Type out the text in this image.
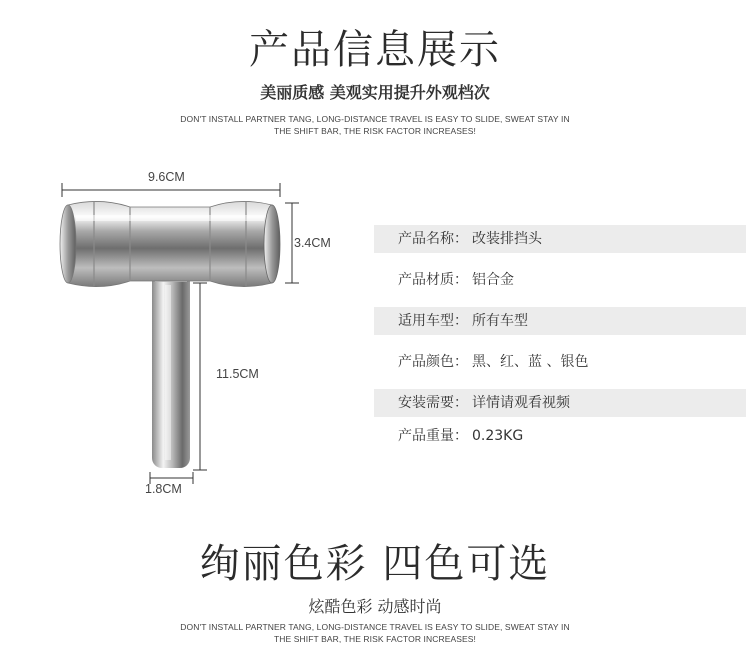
产品信息展示
美丽质感 美观实用提升外观档次
DON'T INSTALL PARTNER TANG, LONG-DISTANCE TRAVEL IS EASY TO SLIDE, SWEAT STAY IN
THE SHIFT BAR, THE RISK FACTOR INCREASES!
9.6CM
3.4CM
11.5CM
1.8CM
产品名称： 改装排挡头
产品材质： 铝合金
适用车型： 所有车型
产品颜色： 黑、红、蓝 、银色
安装需要： 详情请观看视频
产品重量： 0.23KG
绚丽色彩 四色可选
炫酷色彩 动感时尚
DON'T INSTALL PARTNER TANG, LONG-DISTANCE TRAVEL IS EASY TO SLIDE, SWEAT STAY IN
THE SHIFT BAR, THE RISK FACTOR INCREASES!
